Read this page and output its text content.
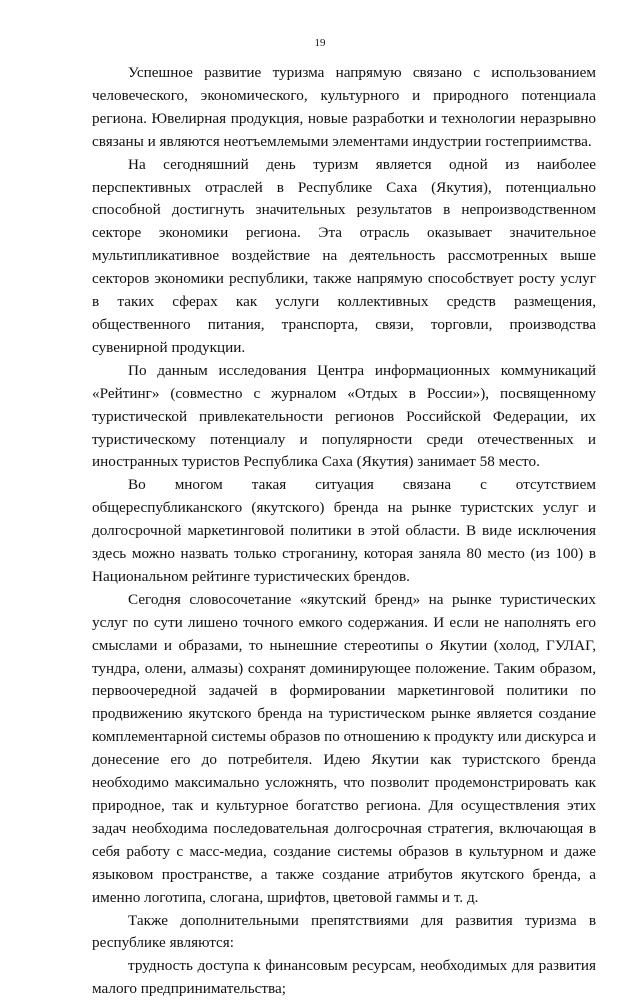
19

Успешное развитие туризма напрямую связано с использованием человеческого, экономического, культурного и природного потенциала региона. Ювелирная продукция, новые разработки и технологии неразрывно связаны и являются неотъемлемыми элементами индустрии гостеприимства.

На сегодняшний день туризм является одной из наиболее перспективных отраслей в Республике Саха (Якутия), потенциально способной достигнуть значительных результатов в непроизводственном секторе экономики региона. Эта отрасль оказывает значительное мультипликативное воздействие на деятельность рассмотренных выше секторов экономики республики, также напрямую способствует росту услуг в таких сферах как услуги коллективных средств размещения, общественного питания, транспорта, связи, торговли, производства сувенирной продукции.

По данным исследования Центра информационных коммуникаций «Рейтинг» (совместно с журналом «Отдых в России»), посвященному туристической привлекательности регионов Российской Федерации, их туристическому потенциалу и популярности среди отечественных и иностранных туристов Республика Саха (Якутия) занимает 58 место.

Во многом такая ситуация связана с отсутствием общереспубликанского (якутского) бренда на рынке туристских услуг и долгосрочной маркетинговой политики в этой области. В виде исключения здесь можно назвать только строганину, которая заняла 80 место (из 100) в Национальном рейтинге туристических брендов.

Сегодня словосочетание «якутский бренд» на рынке туристических услуг по сути лишено точного емкого содержания. И если не наполнять его смыслами и образами, то нынешние стереотипы о Якутии (холод, ГУЛАГ, тундра, олени, алмазы) сохранят доминирующее положение. Таким образом, первоочередной задачей в формировании маркетинговой политики по продвижению якутского бренда на туристическом рынке является создание комплементарной системы образов по отношению к продукту или дискурса и донесение его до потребителя. Идею Якутии как туристского бренда необходимо максимально усложнять, что позволит продемонстрировать как природное, так и культурное богатство региона. Для осуществления этих задач необходима последовательная долгосрочная стратегия, включающая в себя работу с масс-медиа, создание системы образов в культурном и даже языковом пространстве, а также создание атрибутов якутского бренда, а именно логотипа, слогана, шрифтов, цветовой гаммы и т. д.

Также дополнительными препятствиями для развития туризма в республике являются:

трудность доступа к финансовым ресурсам, необходимых для развития малого предпринимательства;
